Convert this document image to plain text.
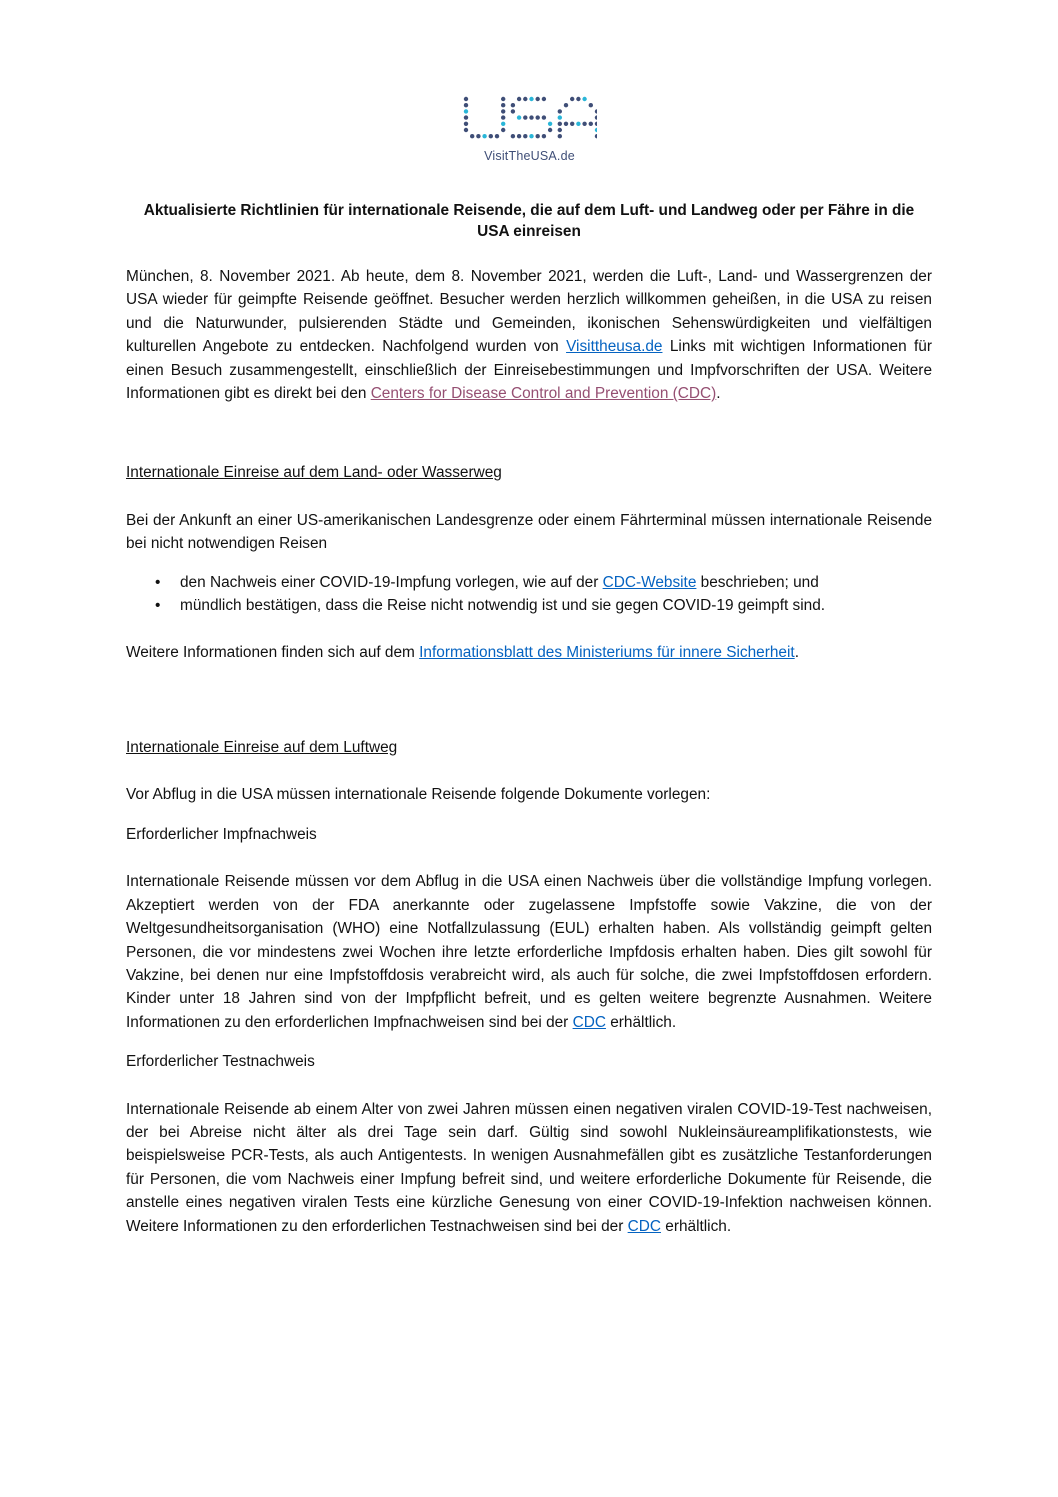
VisitTheUSA.de
Aktualisierte Richtlinien für internationale Reisende, die auf dem Luft- und Landweg oder per Fähre in die USA einreisen

München, 8. November 2021. Ab heute, dem 8. November 2021, werden die Luft-, Land- und Wassergrenzen der USA wieder für geimpfte Reisende geöffnet. Besucher werden herzlich willkommen geheißen, in die USA zu reisen und die Naturwunder, pulsierenden Städte und Gemeinden, ikonischen Sehenswürdigkeiten und vielfältigen kulturellen Angebote zu entdecken. Nachfolgend wurden von Visittheusa.de Links mit wichtigen Informationen für einen Besuch zusammengestellt, einschließlich der Einreisebestimmungen und Impfvorschriften der USA. Weitere Informationen gibt es direkt bei den Centers for Disease Control and Prevention (CDC).

Internationale Einreise auf dem Land- oder Wasserweg

Bei der Ankunft an einer US-amerikanischen Landesgrenze oder einem Fährterminal müssen internationale Reisende bei nicht notwendigen Reisen

• den Nachweis einer COVID-19-Impfung vorlegen, wie auf der CDC-Website beschrieben; und
• mündlich bestätigen, dass die Reise nicht notwendig ist und sie gegen COVID-19 geimpft sind.

Weitere Informationen finden sich auf dem Informationsblatt des Ministeriums für innere Sicherheit.

Internationale Einreise auf dem Luftweg

Vor Abflug in die USA müssen internationale Reisende folgende Dokumente vorlegen:

Erforderlicher Impfnachweis

Internationale Reisende müssen vor dem Abflug in die USA einen Nachweis über die vollständige Impfung vorlegen. Akzeptiert werden von der FDA anerkannte oder zugelassene Impfstoffe sowie Vakzine, die von der Weltgesundheitsorganisation (WHO) eine Notfallzulassung (EUL) erhalten haben. Als vollständig geimpft gelten Personen, die vor mindestens zwei Wochen ihre letzte erforderliche Impfdosis erhalten haben. Dies gilt sowohl für Vakzine, bei denen nur eine Impfstoffdosis verabreicht wird, als auch für solche, die zwei Impfstoffdosen erfordern. Kinder unter 18 Jahren sind von der Impfpflicht befreit, und es gelten weitere begrenzte Ausnahmen. Weitere Informationen zu den erforderlichen Impfnachweisen sind bei der CDC erhältlich.

Erforderlicher Testnachweis

Internationale Reisende ab einem Alter von zwei Jahren müssen einen negativen viralen COVID-19-Test nachweisen, der bei Abreise nicht älter als drei Tage sein darf. Gültig sind sowohl Nukleinsäureamplifikationstests, wie beispielsweise PCR-Tests, als auch Antigentests. In wenigen Ausnahmefällen gibt es zusätzliche Testanforderungen für Personen, die vom Nachweis einer Impfung befreit sind, und weitere erforderliche Dokumente für Reisende, die anstelle eines negativen viralen Tests eine kürzliche Genesung von einer COVID-19-Infektion nachweisen können. Weitere Informationen zu den erforderlichen Testnachweisen sind bei der CDC erhältlich.
